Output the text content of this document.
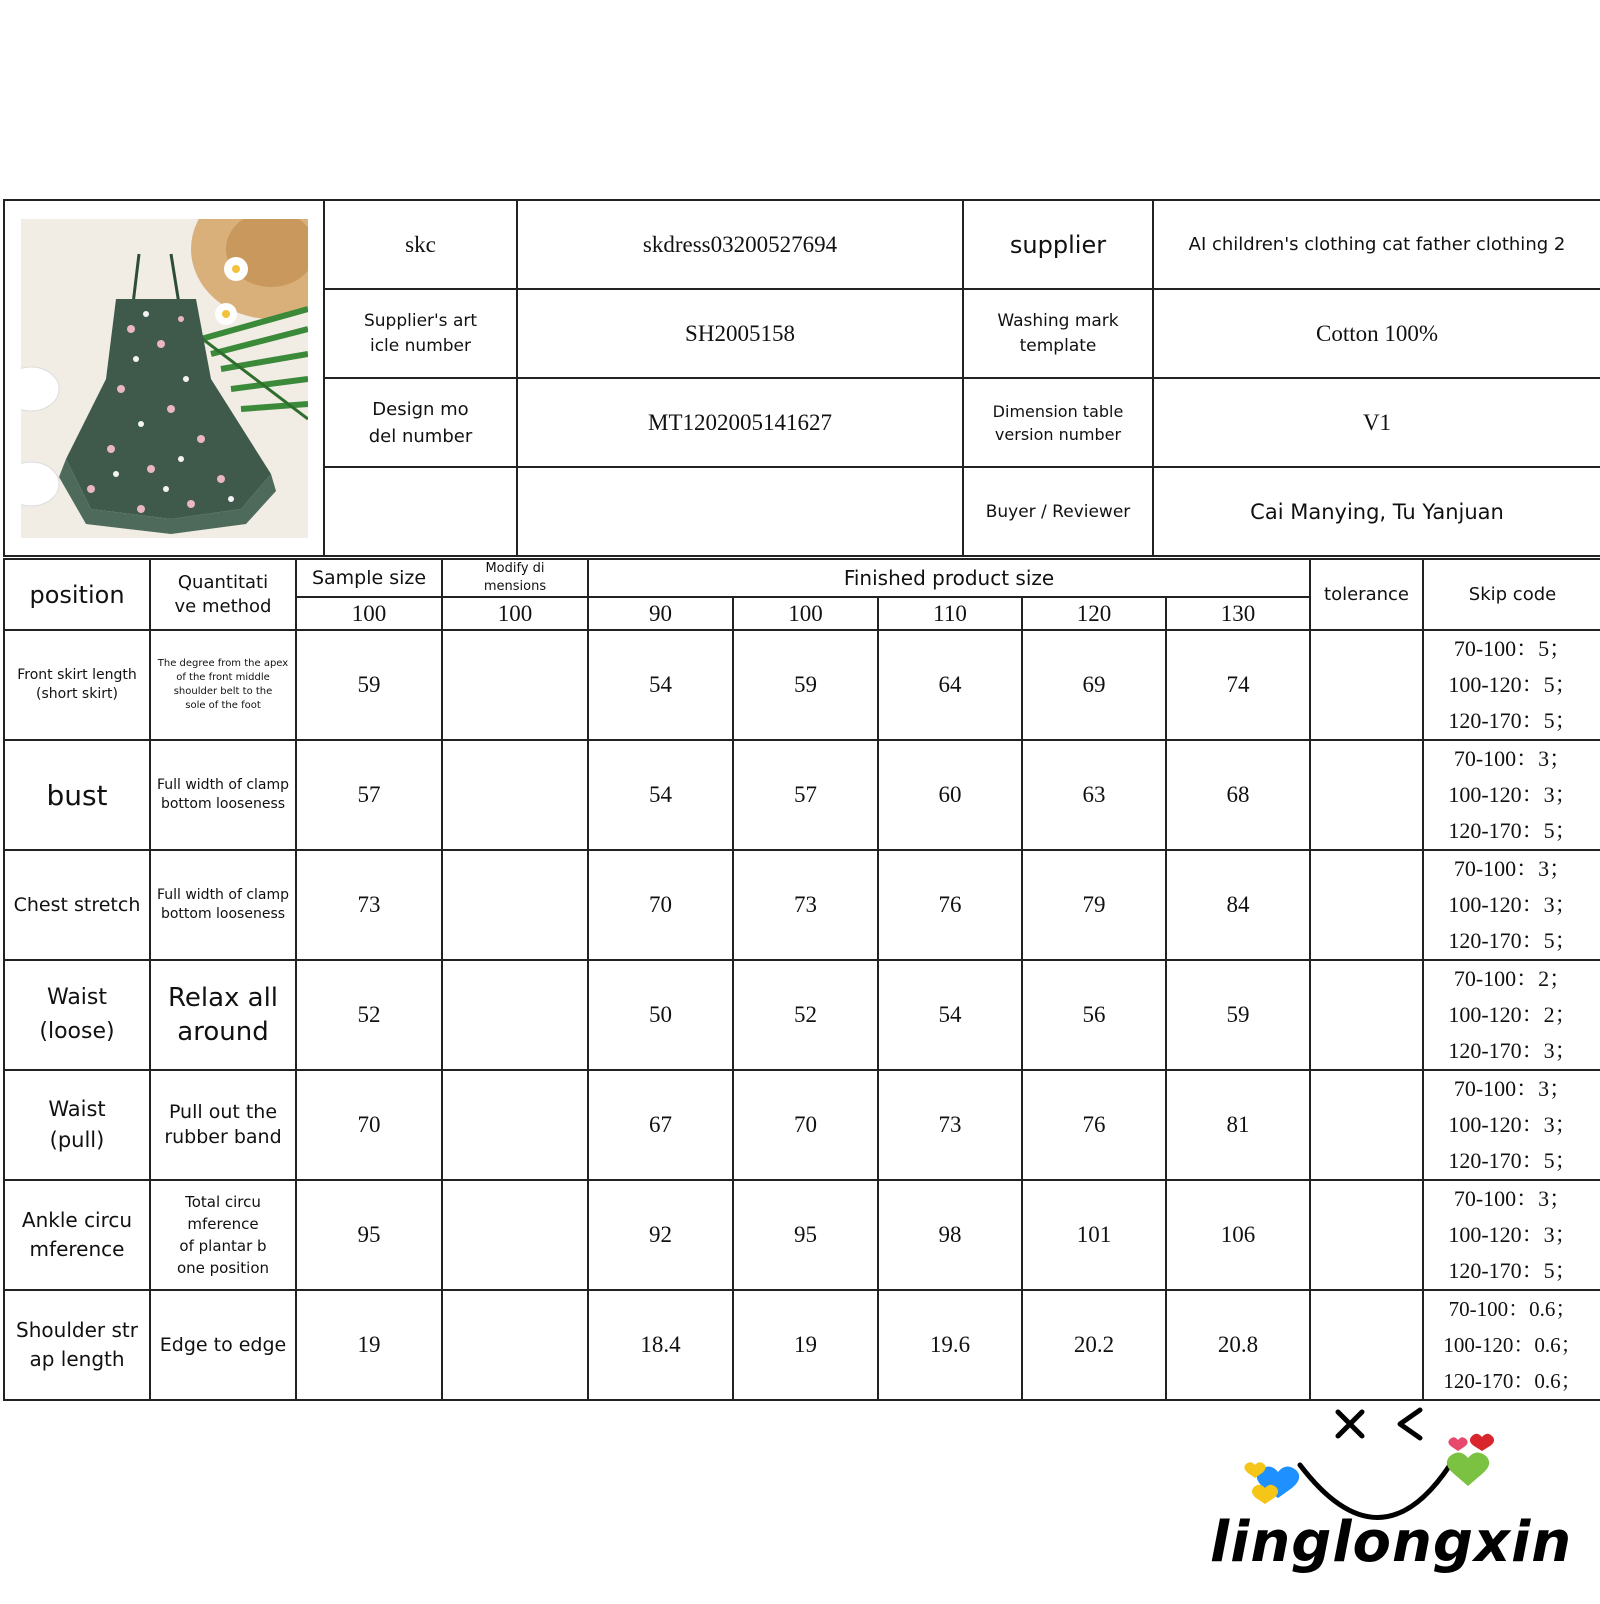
	skc	skdress03200527694	supplier	AI children's clothing cat father clothing 2
	Supplier's art
icle number	SH2005158	Washing mark
template	Cotton 100%
	Design mo
del number	MT1202005141627	Dimension table
version number	V1
			Buyer / Reviewer	Cai Manying, Tu Yanjuan
position	Quantitati
ve method	Sample size	Modify di
mensions	Finished product size					tolerance	Skip code
		100	100	90	100	110	120	130		
Front skirt length
(short skirt)	The degree from the apex
of the front middle
shoulder belt to the
sole of the foot	59		54	59	64	69	74		70-100：5；
100-120：5；
120-170：5；
bust	Full width of clamp
bottom looseness	57		54	57	60	63	68		70-100：3；
100-120：3；
120-170：5；
Chest stretch	Full width of clamp
bottom looseness	73		70	73	76	79	84		70-100：3；
100-120：3；
120-170：5；
Waist
(loose)	Relax all
around	52		50	52	54	56	59		70-100：2；
100-120：2；
120-170：3；
Waist
(pull)	Pull out the
rubber band	70		67	70	73	76	81		70-100：3；
100-120：3；
120-170：5；
Ankle circu
mference	Total circu
mference
of plantar b
one position	95		92	95	98	101	106		70-100：3；
100-120：3；
120-170：5；
Shoulder str
ap length	Edge to edge	19		18.4	19	19.6	20.2	20.8		70-100：0.6；
100-120：0.6；
120-170：0.6；
linglongxin
